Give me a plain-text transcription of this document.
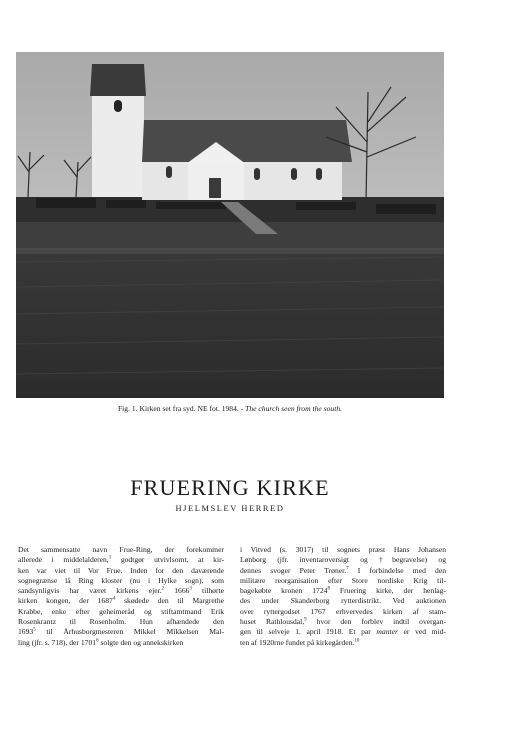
Fig. 1. Kirken set fra syd. NE fot. 1984. - The church seen from the south.
FRUERING KIRKE
HJELMSLEV HERRED
Det sammensatte navn Frue-Ring, der forekommer
allerede i middelalderen,$^1$ godtgør utvivlsomt, at kir-
ken var viet til Vor Frue. Inden for den daværende
sognegrænse lå Ring kloster (nu i Hylke sogn), som
sandsynligvis har været kirkens ejer.$^2$ 1666$^3$ tilhørte
kirken kongen, der 1687$^4$ skødede den til Margrethe
Krabbe, enke efter geheimeråd og stiftamtmand Erik
Rosenkrantz til Rosenholm. Hun afhændede den
1693$^5$ til Århusborgmesteren Mikkel Mikkelsen Mal-
ling (jfr. s. 718), der 1701$^6$ solgte den og annekskirken
i Vitved (s. 3017) til sognets præst Hans Johansen
Lønborg (jfr. inventaroversigt og †begravelse) og
dennes svoger Peter Trøner.$^7$ I forbindelse med den
militære reorganisation efter Store nordiske Krig til-
bagekøbte kronen 1724$^8$ Fruering kirke, der henlag-
des under Skanderborg rytterdistrikt. Ved auktionen
over ryttergodset 1767 erhvervedes kirken af stam-
huset Rathlousdal,$^9$ hvor den forblev indtil overgan-
gen til selveje 1. april 1918. Et par manter er ved mid-
ten af 1920rne fundet på kirkegården.$^{10}$
